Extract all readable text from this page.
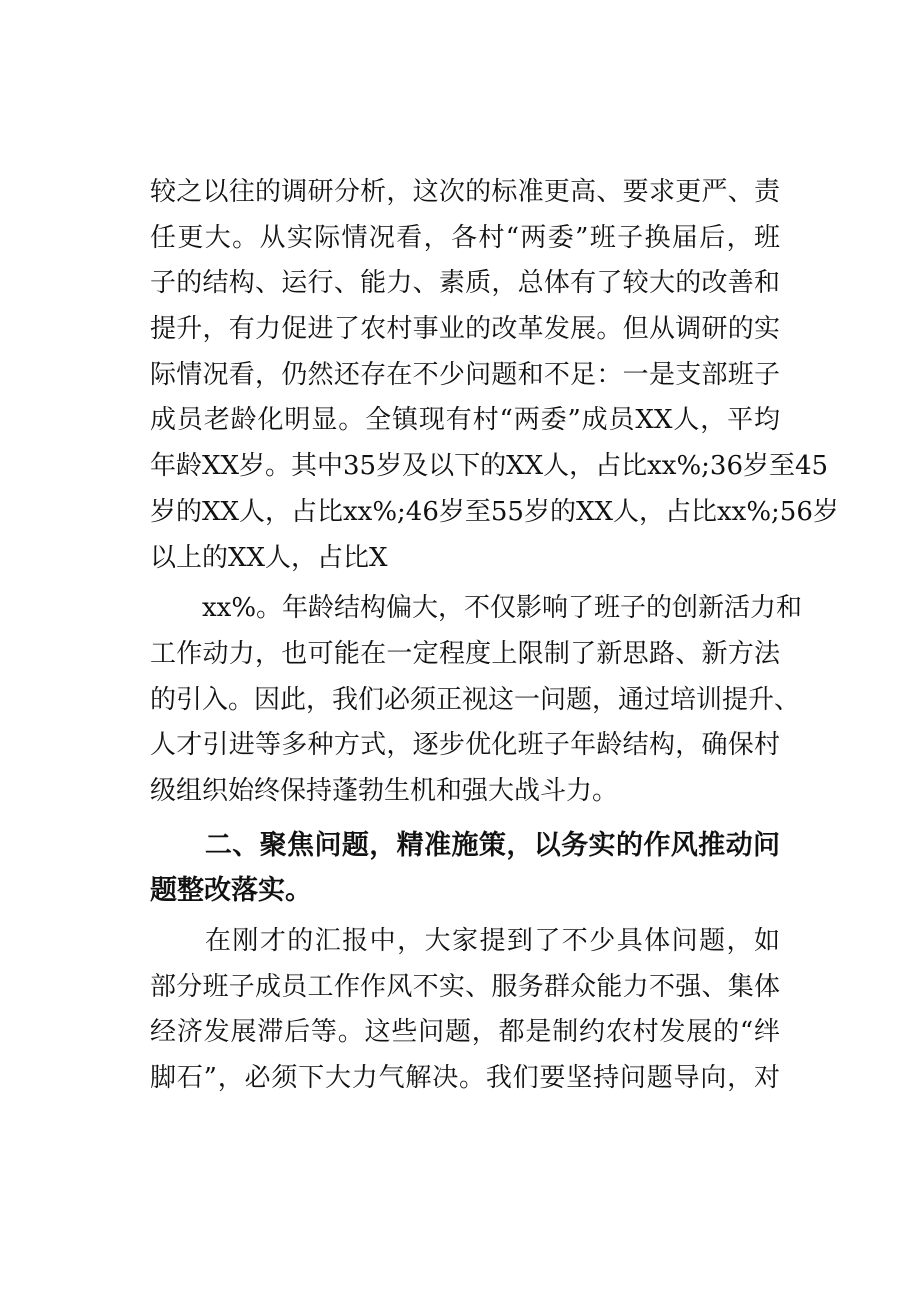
较之以往的调研分析，这次的标准更高、要求更严、责
任更大。从实际情况看，各村“两委”班子换届后，班
子的结构、运行、能力、素质，总体有了较大的改善和
提升，有力促进了农村事业的改革发展。但从调研的实
际情况看，仍然还存在不少问题和不足：一是支部班子
成员老龄化明显。全镇现有村“两委”成员XX人，平均
年龄XX岁。其中35岁及以下的XX人，占比xx%;36岁至45
岁的XX人，占比xx%;46岁至55岁的XX人，占比xx%;56岁
以上的XX人，占比X
　　xx%。年龄结构偏大，不仅影响了班子的创新活力和
工作动力，也可能在一定程度上限制了新思路、新方法
的引入。因此，我们必须正视这一问题，通过培训提升、
人才引进等多种方式，逐步优化班子年龄结构，确保村
级组织始终保持蓬勃生机和强大战斗力。
　　二、聚焦问题，精准施策，以务实的作风推动问
题整改落实。
　　在刚才的汇报中，大家提到了不少具体问题，如
部分班子成员工作作风不实、服务群众能力不强、集体
经济发展滞后等。这些问题，都是制约农村发展的“绊
脚石”，必须下大力气解决。我们要坚持问题导向，对
